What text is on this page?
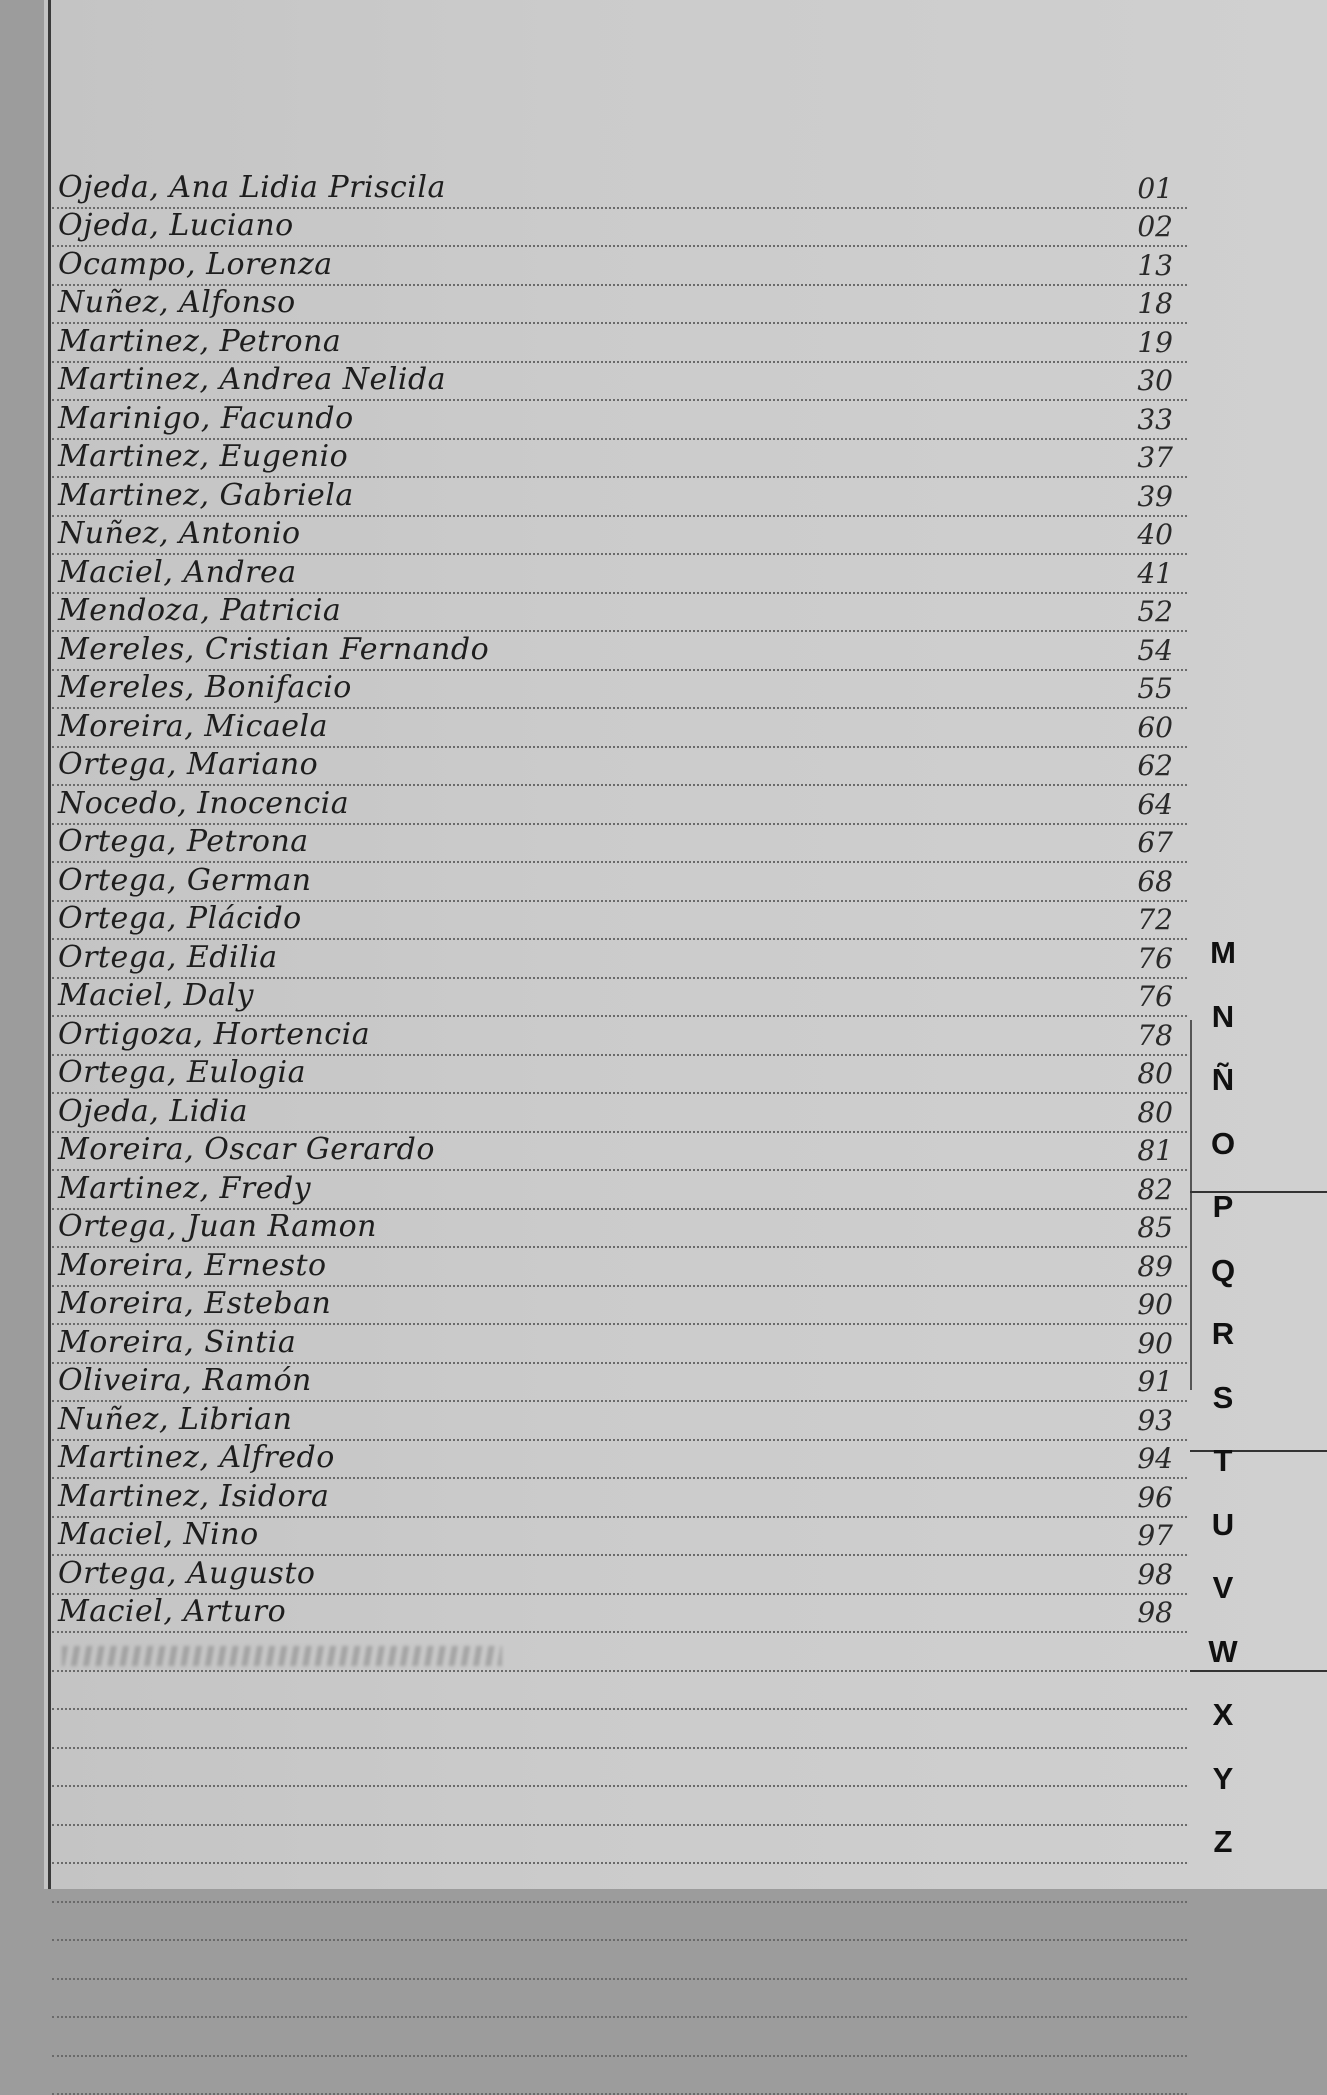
Ojeda, Ana Lidia Priscila	01
Ojeda, Luciano	02
Ocampo, Lorenza	13
Nuñez, Alfonso	18
Martinez, Petrona	19
Martinez, Andrea Nelida	30
Marinigo, Facundo	33
Martinez, Eugenio	37
Martinez, Gabriela	39
Nuñez, Antonio	40
Maciel, Andrea	41
Mendoza, Patricia	52
Mereles, Cristian Fernando	54
Mereles, Bonifacio	55
Moreira, Micaela	60
Ortega, Mariano	62
Nocedo, Inocencia	64
Ortega, Petrona	67
Ortega, German	68
Ortega, Plácido	72
Ortega, Edilia	76
Maciel, Daly	76
Ortigoza, Hortencia	78
Ortega, Eulogia	80
Ojeda, Lidia	80
Moreira, Oscar Gerardo	81
Martinez, Fredy	82
Ortega, Juan Ramon	85
Moreira, Ernesto	89
Moreira, Esteban	90
Moreira, Sintia	90
Oliveira, Ramón	91
Nuñez, Librian	93
Martinez, Alfredo	94
Martinez, Isidora	96
Maciel, Nino	97
Ortega, Augusto	98
Maciel, Arturo	98
M
N
Ñ
O
P
Q
R
S
T
U
V
W
X
Y
Z
